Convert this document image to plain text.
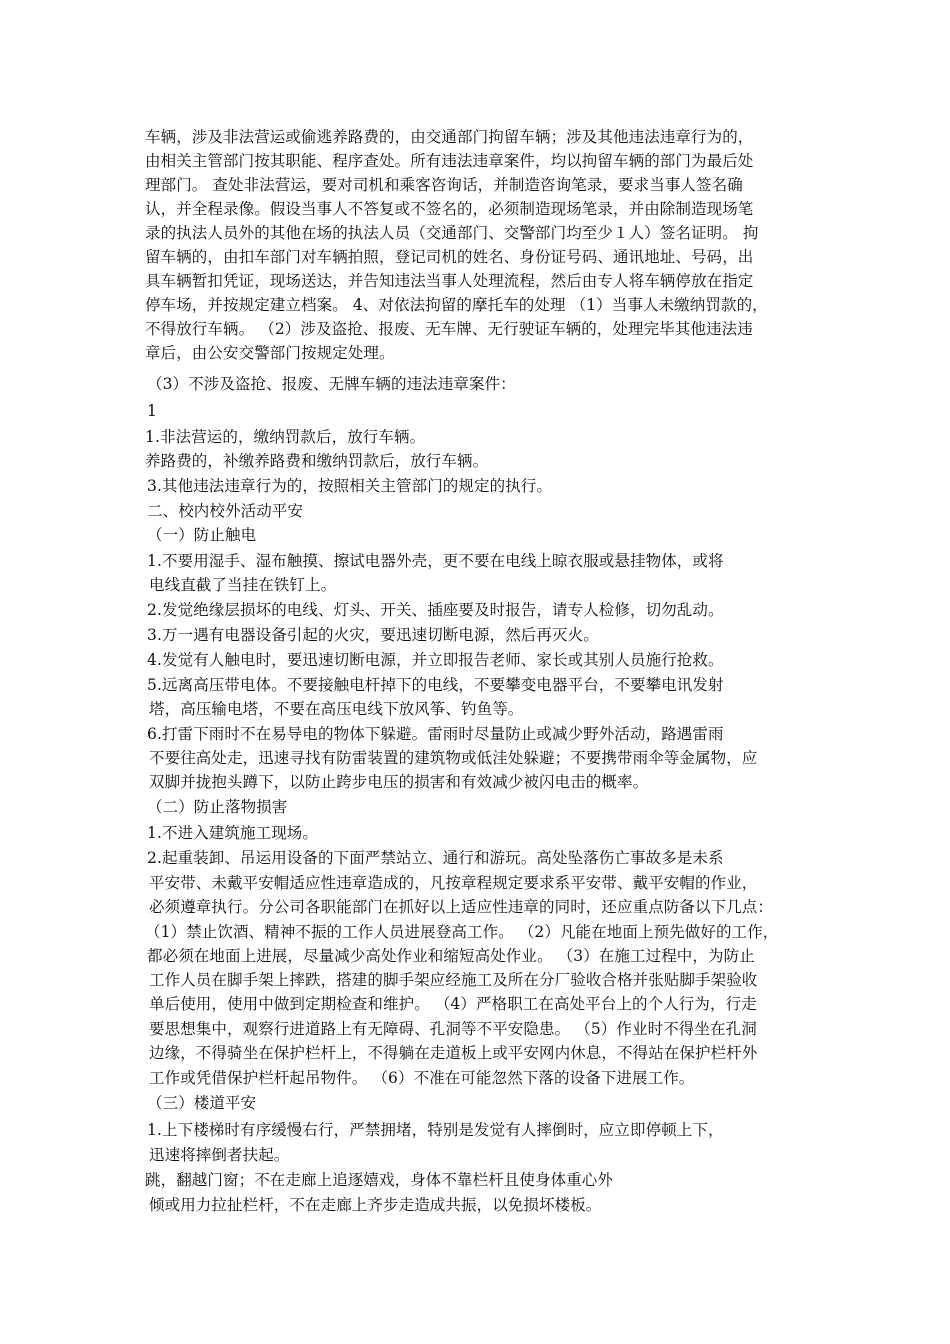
车辆，涉及非法营运或偷逃养路费的，由交通部门拘留车辆；涉及其他违法违章行为的，
由相关主管部门按其职能、程序查处。所有违法违章案件，均以拘留车辆的部门为最后处
理部门。 查处非法营运，要对司机和乘客咨询话，并制造咨询笔录，要求当事人签名确
认，并全程录像。假设当事人不答复或不签名的，必须制造现场笔录，并由除制造现场笔
录的执法人员外的其他在场的执法人员（交通部门、交警部门均至少１人）签名证明。 拘
留车辆的，由扣车部门对车辆拍照，登记司机的姓名、身份证号码、通讯地址、号码，出
具车辆暂扣凭证，现场送达，并告知违法当事人处理流程，然后由专人将车辆停放在指定
停车场，并按规定建立档案。 4、对依法拘留的摩托车的处理 （1）当事人未缴纳罚款的，
不得放行车辆。 （2）涉及盗抢、报废、无车牌、无行驶证车辆的，处理完毕其他违法违
章后，由公安交警部门按规定处理。
（3）不涉及盗抢、报废、无牌车辆的违法违章案件：
1
1.非法营运的，缴纳罚款后，放行车辆。
养路费的，补缴养路费和缴纳罚款后，放行车辆。
3.其他违法违章行为的，按照相关主管部门的规定的执行。
二、校内校外活动平安
（一）防止触电
1.不要用湿手、湿布触摸、擦试电器外壳，更不要在电线上晾衣服或悬挂物体，或将
电线直截了当挂在铁钉上。
2.发觉绝缘层损坏的电线、灯头、开关、插座要及时报告，请专人检修，切勿乱动。
3.万一遇有电器设备引起的火灾，要迅速切断电源，然后再灭火。
4.发觉有人触电时，要迅速切断电源，并立即报告老师、家长或其别人员施行抢救。
5.远离高压带电体。不要接触电杆掉下的电线，不要攀变电器平台，不要攀电讯发射
塔，高压输电塔，不要在高压电线下放风筝、钓鱼等。
6.打雷下雨时不在易导电的物体下躲避。雷雨时尽量防止或减少野外活动，路遇雷雨
不要往高处走，迅速寻找有防雷装置的建筑物或低洼处躲避；不要携带雨伞等金属物，应
双脚并拢抱头蹲下，以防止跨步电压的损害和有效减少被闪电击的概率。
（二）防止落物损害
1.不进入建筑施工现场。
2.起重装卸、吊运用设备的下面严禁站立、通行和游玩。高处坠落伤亡事故多是未系
平安带、未戴平安帽适应性违章造成的，凡按章程规定要求系平安带、戴平安帽的作业，
必须遵章执行。分公司各职能部门在抓好以上适应性违章的同时，还应重点防备以下几点：
（1）禁止饮酒、精神不振的工作人员进展登高工作。 （2）凡能在地面上预先做好的工作，
都必须在地面上进展，尽量减少高处作业和缩短高处作业。 （3）在施工过程中，为防止
工作人员在脚手架上摔跌，搭建的脚手架应经施工及所在分厂验收合格并张贴脚手架验收
单后使用，使用中做到定期检查和维护。 （4）严格职工在高处平台上的个人行为，行走
要思想集中，观察行进道路上有无障碍、孔洞等不平安隐患。 （5）作业时不得坐在孔洞
边缘，不得骑坐在保护栏杆上，不得躺在走道板上或平安网内休息，不得站在保护栏杆外
工作或凭借保护栏杆起吊物件。 （6）不准在可能忽然下落的设备下进展工作。
（三）楼道平安
1.上下楼梯时有序缓慢右行，严禁拥堵，特别是发觉有人摔倒时，应立即停顿上下，
迅速将摔倒者扶起。
跳，翻越门窗；不在走廊上追逐嬉戏，身体不靠栏杆且使身体重心外
倾或用力拉扯栏杆，不在走廊上齐步走造成共振，以免损坏楼板。
